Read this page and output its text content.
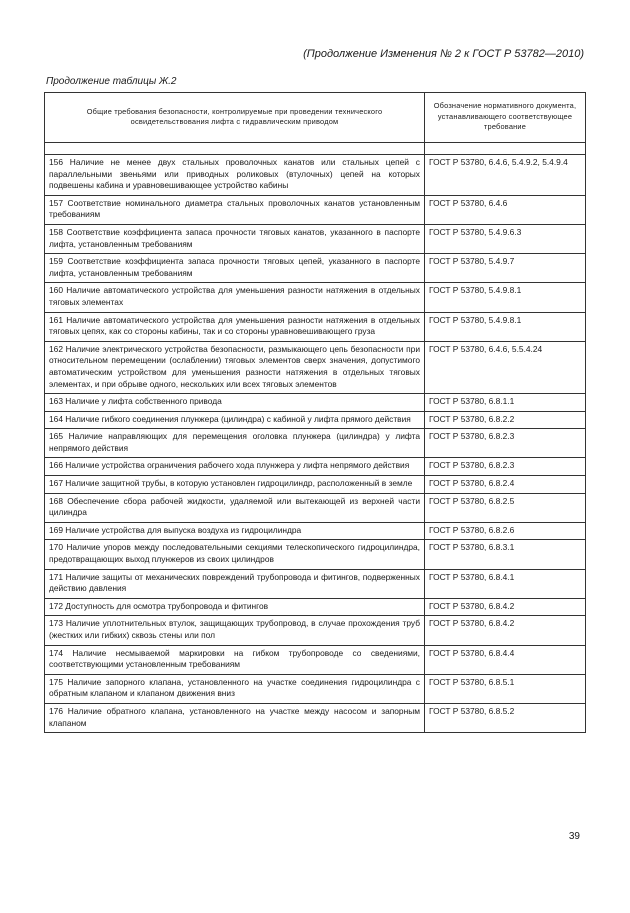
(Продолжение Изменения № 2 к ГОСТ Р 53782—2010)
Продолжение таблицы Ж.2
Общие требования безопасности, контролируемые при проведении технического освидетельствования лифта с гидравлическим приводом	Обозначение нормативного документа, устанавливающего соответствующее требование

156 Наличие не менее двух стальных проволочных канатов или стальных цепей с параллельными звеньями или приводных роликовых (втулочных) цепей на которых подвешены кабина и уравновешивающее устройство кабины	ГОСТ Р 53780, 6.4.6, 5.4.9.2, 5.4.9.4
157 Соответствие номинального диаметра стальных проволочных канатов установленным требованиям	ГОСТ Р 53780, 6.4.6
158 Соответствие коэффициента запаса прочности тяговых канатов, указанного в паспорте лифта, установленным требованиям	ГОСТ Р 53780, 5.4.9.6.3
159 Соответствие коэффициента запаса прочности тяговых цепей, указанного в паспорте лифта, установленным требованиям	ГОСТ Р 53780, 5.4.9.7
160 Наличие автоматического устройства для уменьшения разности натяжения в отдельных тяговых элементах	ГОСТ Р 53780, 5.4.9.8.1
161 Наличие автоматического устройства для уменьшения разности натяжения в отдельных тяговых цепях, как со стороны кабины, так и со стороны уравновешивающего груза	ГОСТ Р 53780, 5.4.9.8.1
162 Наличие электрического устройства безопасности, размыкающего цепь безопасности при относительном перемещении (ослаблении) тяговых элементов сверх значения, допустимого автоматическим устройством для уменьшения разности натяжения в отдельных тяговых элементах, и при обрыве одного, нескольких или всех тяговых элементов	ГОСТ Р 53780, 6.4.6, 5.5.4.24
163 Наличие у лифта собственного привода	ГОСТ Р 53780, 6.8.1.1
164 Наличие гибкого соединения плунжера (цилиндра) с кабиной у лифта прямого действия	ГОСТ Р 53780, 6.8.2.2
165 Наличие направляющих для перемещения оголовка плунжера (цилиндра) у лифта непрямого действия	ГОСТ Р 53780, 6.8.2.3
166 Наличие устройства ограничения рабочего хода плунжера у лифта непрямого действия	ГОСТ Р 53780, 6.8.2.3
167 Наличие защитной трубы, в которую установлен гидроцилиндр, расположенный в земле	ГОСТ Р 53780, 6.8.2.4
168 Обеспечение сбора рабочей жидкости, удаляемой или вытекающей из верхней части цилиндра	ГОСТ Р 53780, 6.8.2.5
169 Наличие устройства для выпуска воздуха из гидроцилиндра	ГОСТ Р 53780, 6.8.2.6
170 Наличие упоров между последовательными секциями телескопического гидроцилиндра, предотвращающих выход плунжеров из своих цилиндров	ГОСТ Р 53780, 6.8.3.1
171 Наличие защиты от механических повреждений трубопровода и фитингов, подверженных действию давления	ГОСТ Р 53780, 6.8.4.1
172 Доступность для осмотра трубопровода и фитингов	ГОСТ Р 53780, 6.8.4.2
173 Наличие уплотнительных втулок, защищающих трубопровод, в случае прохождения труб (жестких или гибких) сквозь стены или пол	ГОСТ Р 53780, 6.8.4.2
174 Наличие несмываемой маркировки на гибком трубопроводе со сведениями, соответствующими установленным требованиям	ГОСТ Р 53780, 6.8.4.4
175 Наличие запорного клапана, установленного на участке соединения гидроцилиндра с обратным клапаном и клапаном движения вниз	ГОСТ Р 53780, 6.8.5.1
176 Наличие обратного клапана, установленного на участке между насосом и запорным клапаном	ГОСТ Р 53780, 6.8.5.2
39
